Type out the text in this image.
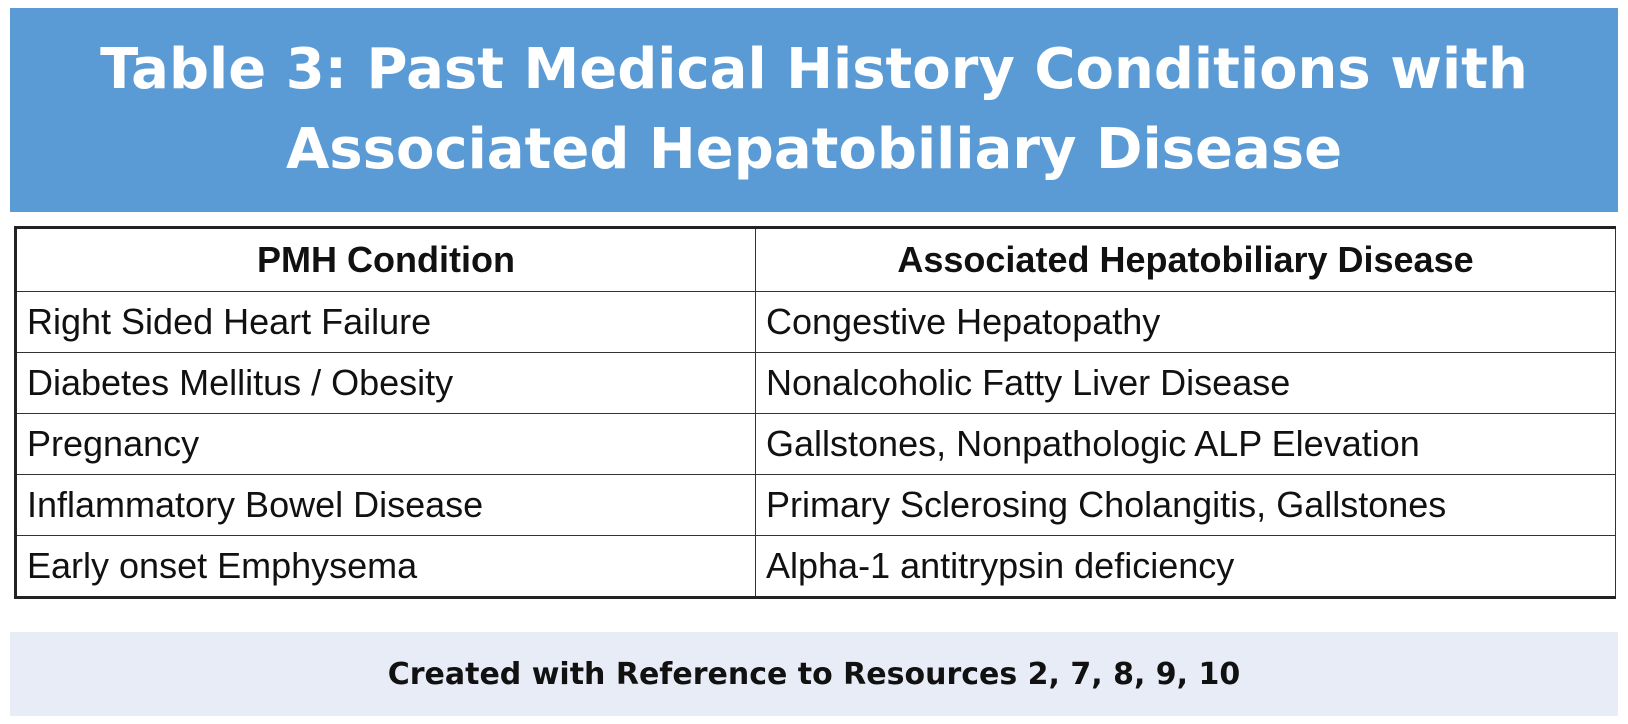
Table 3: Past Medical History Conditions with
Associated Hepatobiliary Disease
PMH Condition	Associated Hepatobiliary Disease
Right Sided Heart Failure	Congestive Hepatopathy
Diabetes Mellitus / Obesity	Nonalcoholic Fatty Liver Disease
Pregnancy	Gallstones, Nonpathologic ALP Elevation
Inflammatory Bowel Disease	Primary Sclerosing Cholangitis, Gallstones
Early onset Emphysema	Alpha-1 antitrypsin deficiency
Created with Reference to Resources 2, 7, 8, 9, 10
